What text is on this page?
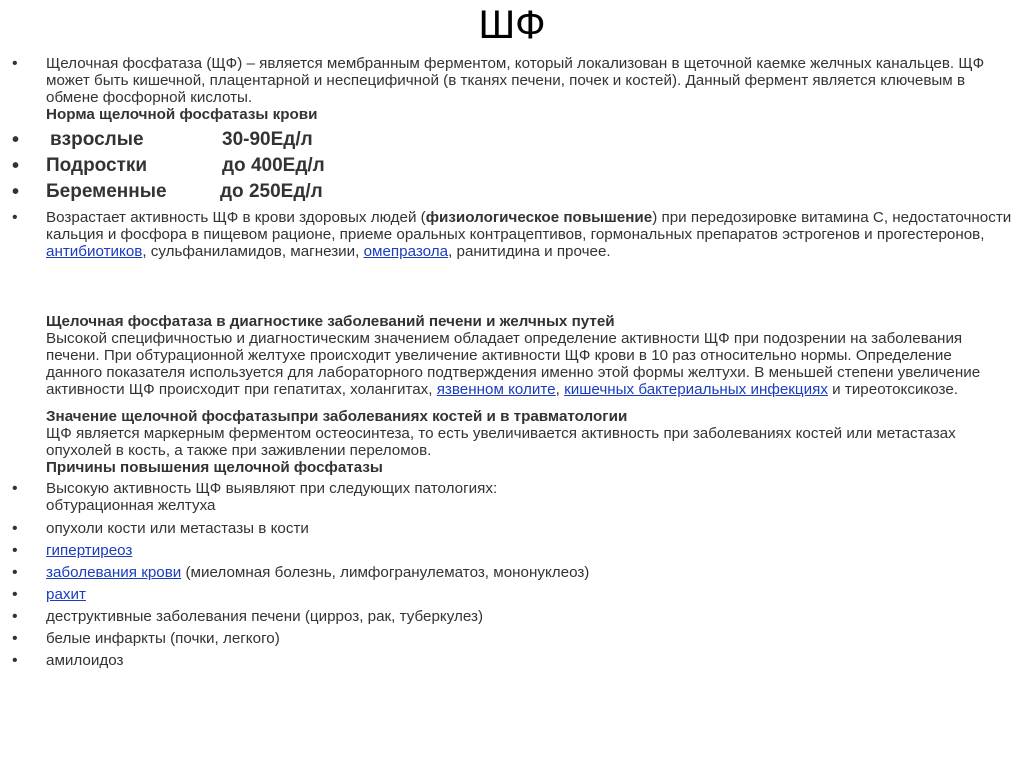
ШФ
•	Щелочная фосфатаза (ЩФ) – является мембранным ферментом, который локализован в щеточной каемке желчных канальцев. ЩФ может быть кишечной, плацентарной и неспецифичной (в тканях печени, почек и костей). Данный фермент является ключевым в обмене фосфорной кислоты.
Норма щелочной фосфатазы крови
•	взрослые	30-90Ед/л
•	Подростки	до 400Ед/л
•	Беременные	до 250Ед/л
•	Возрастает активность ЩФ в крови здоровых людей (физиологическое повышение) при передозировке витамина С, недостаточности кальция и фосфора в пищевом рационе, приеме оральных контрацептивов, гормональных препаратов эстрогенов и прогестеронов, антибиотиков, сульфаниламидов, магнезии, омепразола, ранитидина и прочее.
Щелочная фосфатаза в диагностике заболеваний печени и желчных путей
Высокой специфичностью и диагностическим значением обладает определение активности ЩФ при подозрении на заболевания печени. При обтурационной желтухе происходит увеличение активности ЩФ крови в 10 раз относительно нормы. Определение данного показателя используется для лабораторного подтверждения именно этой формы желтухи. В меньшей степени увеличение активности ЩФ происходит при гепатитах, холангитах, язвенном колите, кишечных бактериальных инфекциях и тиреотоксикозе.
Значение щелочной фосфатазыпри заболеваниях костей и в травматологии
ЩФ является маркерным ферментом остеосинтеза, то есть увеличивается активность при заболеваниях костей или метастазах опухолей в кость, а также при заживлении переломов.
Причины повышения щелочной фосфатазы
•	Высокую активность ЩФ выявляют при следующих патологиях:
обтурационная желтуха
•	опухоли кости или метастазы в кости
•	гипертиреоз
•	заболевания крови (миеломная болезнь, лимфогранулематоз, мононуклеоз)
•	рахит
•	деструктивные заболевания печени (цирроз, рак, туберкулез)
•	белые инфаркты (почки, легкого)
•	амилоидоз
